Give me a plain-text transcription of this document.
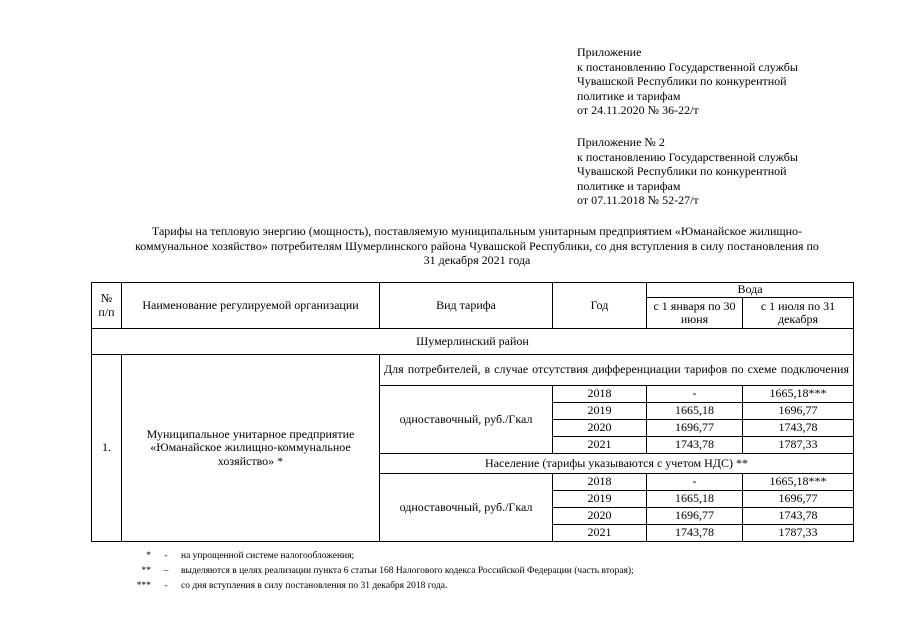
Приложение
к постановлению Государственной службы
Чувашской Республики по конкурентной
политике и тарифам
от 24.11.2020 № 36-22/т
Приложение № 2
к постановлению Государственной службы
Чувашской Республики по конкурентной
политике и тарифам
от 07.11.2018 № 52-27/т
Тарифы на тепловую энергию (мощность), поставляемую муниципальным унитарным предприятием «Юманайское жилищно-
коммунальное хозяйство» потребителям Шумерлинского района Чувашской Республики, со дня вступления в силу постановления по
31 декабря 2021 года
№ п/п	Наименование регулируемой организации	Вид тарифа	Год	Вода	
				с 1 января по 30 июня	с 1 июля по 31 декабря
Шумерлинский район					
1.	Муниципальное унитарное предприятие «Юманайское жилищно-коммунальное хозяйство» *	Для потребителей, в случае отсутствия дифференциации тарифов по схеме подключения			
		одноставочный, руб./Гкал	2018	-	1665,18***
			2019	1665,18	1696,77
			2020	1696,77	1743,78
			2021	1743,78	1787,33
		Население (тарифы указываются с учетом НДС) **			
		одноставочный, руб./Гкал	2018	-	1665,18***
			2019	1665,18	1696,77
			2020	1696,77	1743,78
			2021	1743,78	1787,33
*	-	на упрощенной системе налогообложения;
**	–	выделяются в целях реализации пункта 6 статьи 168 Налогового кодекса Российской Федерации (часть вторая);
***	-	со дня вступления в силу постановления по 31 декабря 2018 года.
